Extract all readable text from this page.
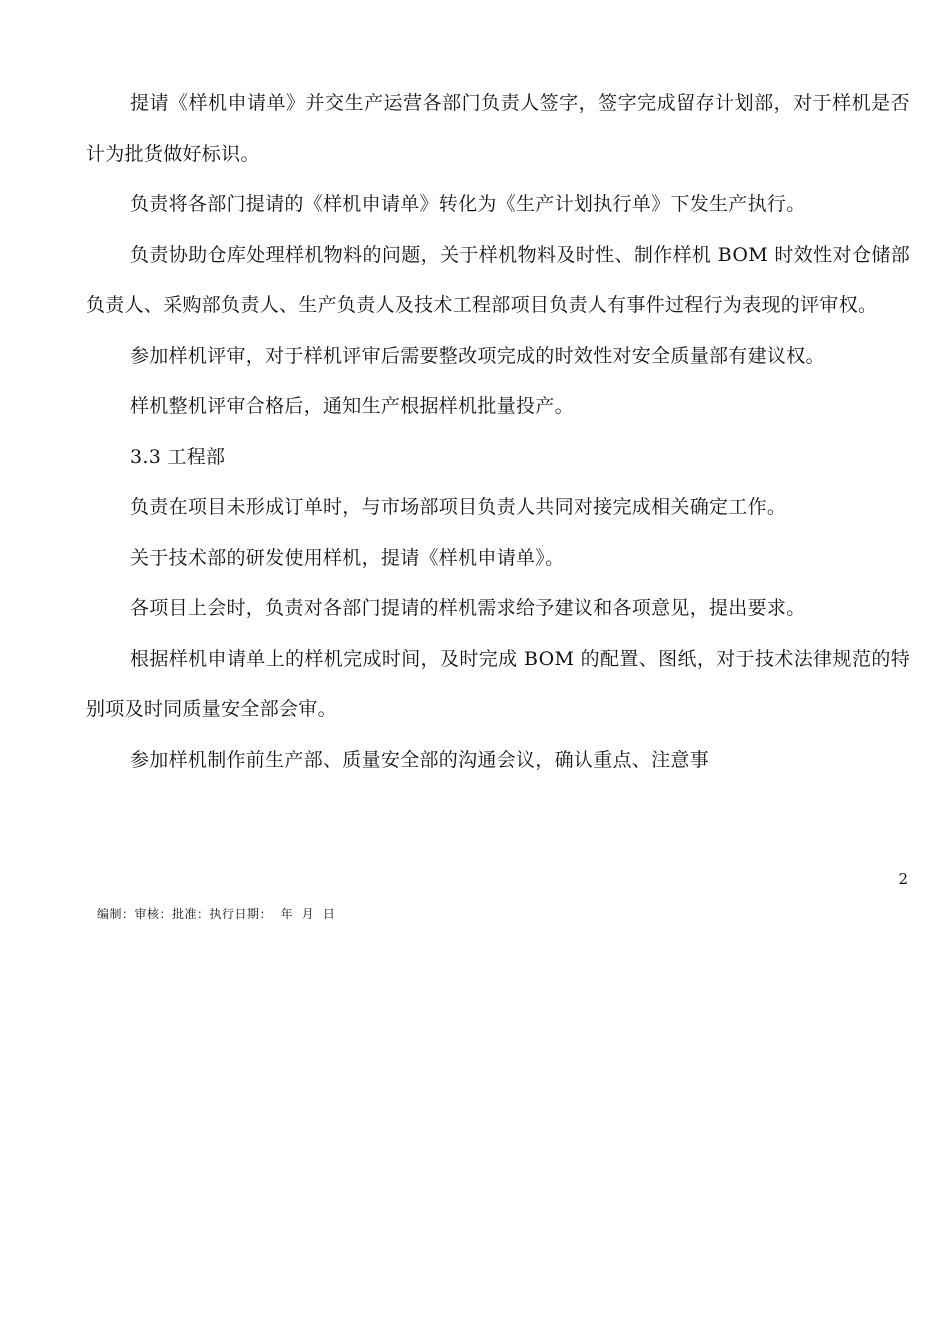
提请《样机申请单》并交生产运营各部门负责人签字，签字完成留存计划部，对于样机是否计为批货做好标识。

负责将各部门提请的《样机申请单》转化为《生产计划执行单》下发生产执行。

负责协助仓库处理样机物料的问题，关于样机物料及时性、制作样机 BOM 时效性对仓储部负责人、采购部负责人、生产负责人及技术工程部项目负责人有事件过程行为表现的评审权。

参加样机评审，对于样机评审后需要整改项完成的时效性对安全质量部有建议权。

样机整机评审合格后，通知生产根据样机批量投产。

3.3 工程部

负责在项目未形成订单时，与市场部项目负责人共同对接完成相关确定工作。

关于技术部的研发使用样机，提请《样机申请单》。

各项目上会时，负责对各部门提请的样机需求给予建议和各项意见，提出要求。

根据样机申请单上的样机完成时间，及时完成 BOM 的配置、图纸，对于技术法律规范的特别项及时同质量安全部会审。

参加样机制作前生产部、质量安全部的沟通会议，确认重点、注意事

2
编制：审核：批准：执行日期：  年  月  日
